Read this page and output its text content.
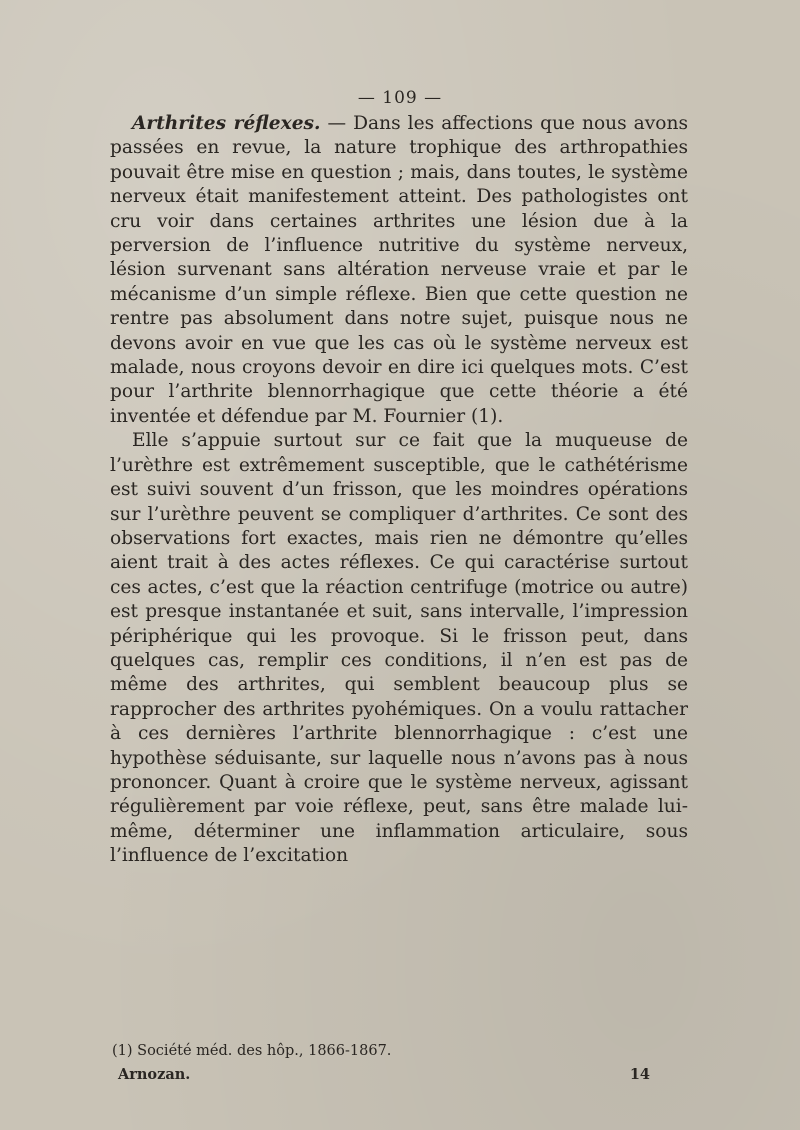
— 109 —

Arthrites réflexes. — Dans les affections que nous avons passées en revue, la nature trophique des arthropathies pouvait être mise en question ; mais, dans toutes, le système nerveux était manifestement atteint. Des pathologistes ont cru voir dans certaines arthrites une lésion due à la perversion de l’influence nutritive du système nerveux, lésion survenant sans altération nerveuse vraie et par le mécanisme d’un simple réflexe. Bien que cette question ne rentre pas absolument dans notre sujet, puisque nous ne devons avoir en vue que les cas où le système nerveux est malade, nous croyons devoir en dire ici quelques mots. C’est pour l’arthrite blennorrhagique que cette théorie a été inventée et défendue par M. Fournier (1).

Elle s’appuie surtout sur ce fait que la muqueuse de l’urèthre est extrêmement susceptible, que le cathétérisme est suivi souvent d’un frisson, que les moindres opérations sur l’urèthre peuvent se compliquer d’arthrites. Ce sont des observations fort exactes, mais rien ne démontre qu’elles aient trait à des actes réflexes. Ce qui caractérise surtout ces actes, c’est que la réaction centrifuge (motrice ou autre) est presque instantanée et suit, sans intervalle, l’impression périphérique qui les provoque. Si le frisson peut, dans quelques cas, remplir ces conditions, il n’en est pas de même des arthrites, qui semblent beaucoup plus se rapprocher des arthrites pyohémiques. On a voulu rattacher à ces dernières l’arthrite blennorrhagique : c’est une hypothèse séduisante, sur laquelle nous n’avons pas à nous prononcer. Quant à croire que le système nerveux, agissant régulièrement par voie réflexe, peut, sans être malade lui-même, déterminer une inflammation articulaire, sous l’influence de l’excitation

(1) Société méd. des hôp., 1866-1867.
Arnozan.	14
